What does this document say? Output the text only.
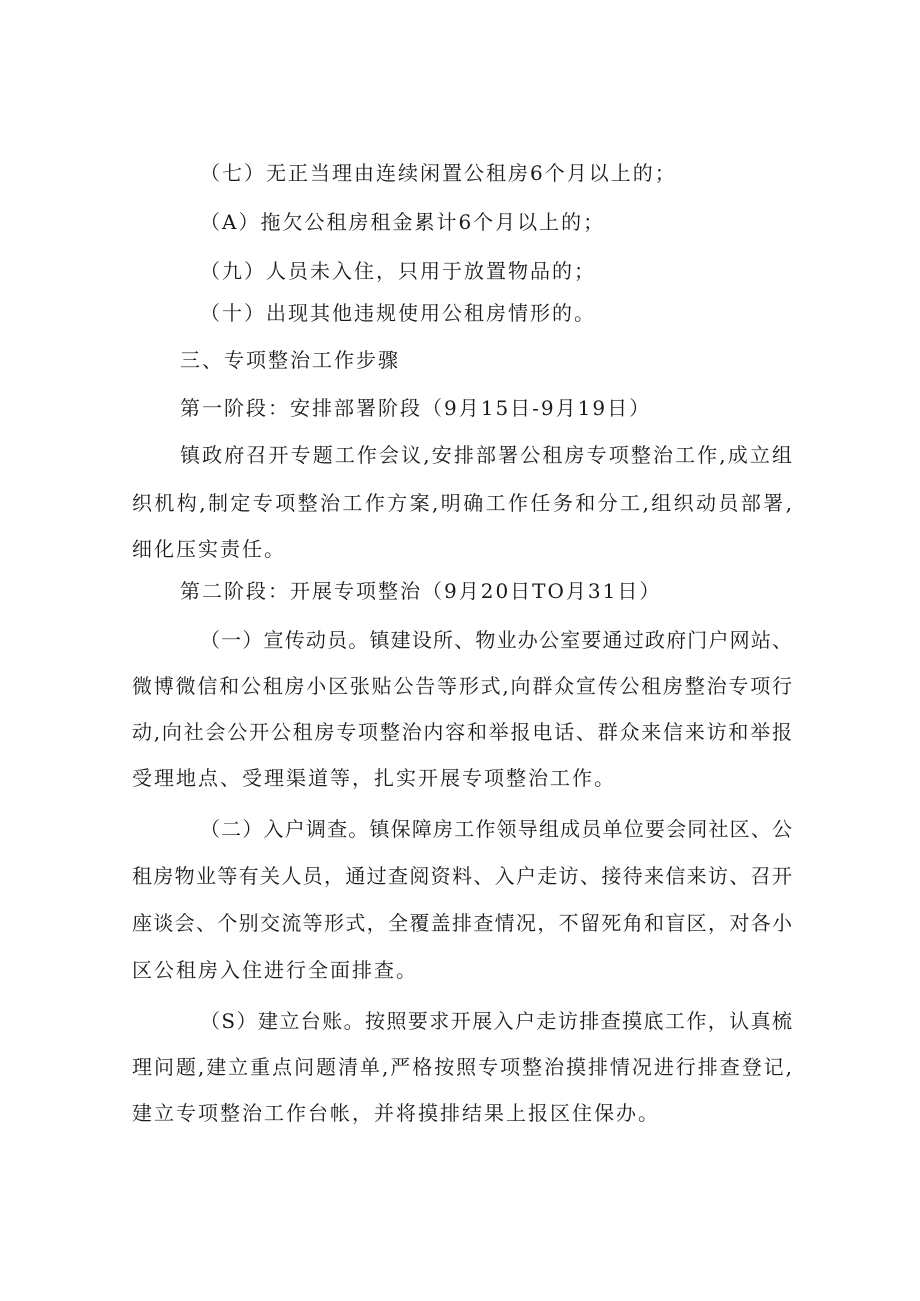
（七）无正当理由连续闲置公租房6个月以上的；
（A）拖欠公租房租金累计6个月以上的；
（九）人员未入住，只用于放置物品的；
（十）出现其他违规使用公租房情形的。
三、专项整治工作步骤
第一阶段：安排部署阶段（9月15日-9月19日）
镇政府召开专题工作会议,安排部署公租房专项整治工作,成立组
织机构,制定专项整治工作方案,明确工作任务和分工,组织动员部署,
细化压实责任。
第二阶段：开展专项整治（9月20日TO月31日）
（一）宣传动员。镇建设所、物业办公室要通过政府门户网站、
微博微信和公租房小区张贴公告等形式,向群众宣传公租房整治专项行
动,向社会公开公租房专项整治内容和举报电话、群众来信来访和举报
受理地点、受理渠道等，扎实开展专项整治工作。
（二）入户调查。镇保障房工作领导组成员单位要会同社区、公
租房物业等有关人员，通过查阅资料、入户走访、接待来信来访、召开
座谈会、个别交流等形式，全覆盖排查情况，不留死角和盲区，对各小
区公租房入住进行全面排查。
（S）建立台账。按照要求开展入户走访排查摸底工作，认真梳
理问题,建立重点问题清单,严格按照专项整治摸排情况进行排查登记,
建立专项整治工作台帐，并将摸排结果上报区住保办。
